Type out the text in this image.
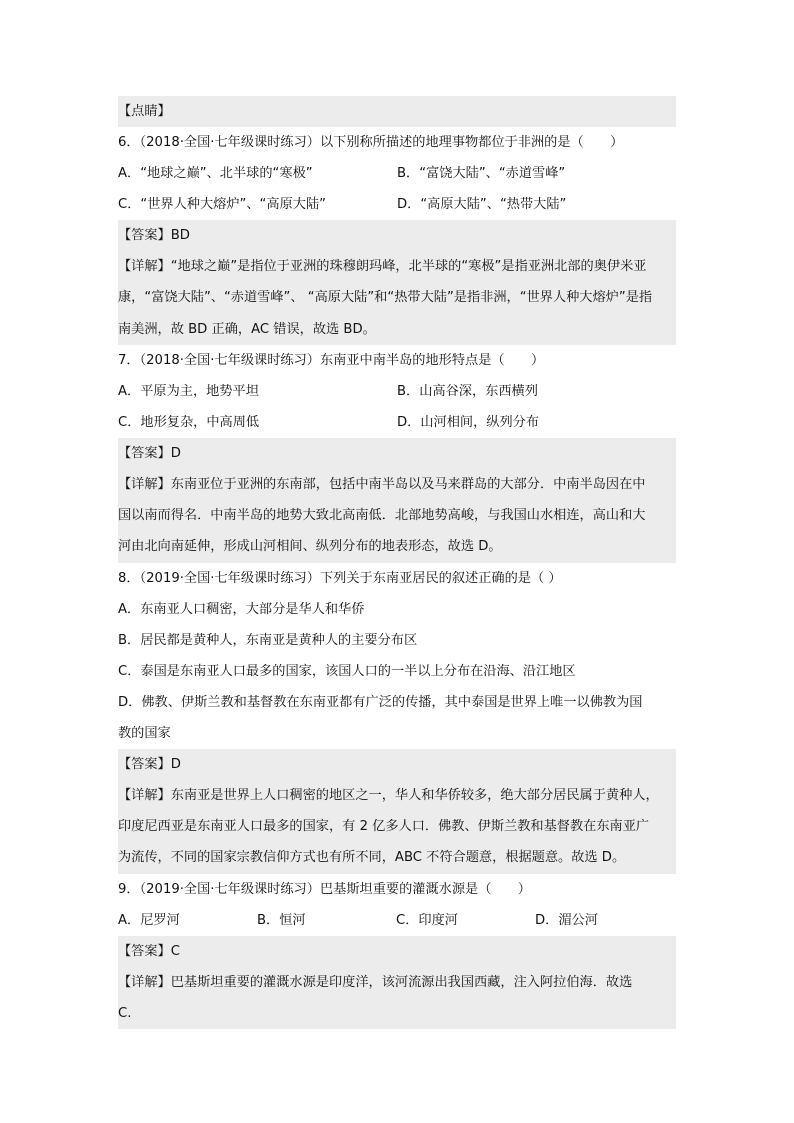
【点睛】
6．（2018·全国·七年级课时练习）以下别称所描述的地理事物都位于非洲的是（　　）
A．“地球之巅”、北半球的“寒极”	B．“富饶大陆”、“赤道雪峰”
C．“世界人种大熔炉”、“高原大陆”	D．“高原大陆”、“热带大陆”
【答案】BD
【详解】“地球之巅”是指位于亚洲的珠穆朗玛峰，北半球的“寒极”是指亚洲北部的奥伊米亚
康，“富饶大陆”、“赤道雪峰”、 “高原大陆”和“热带大陆”是指非洲，“世界人种大熔炉”是指
南美洲，故 BD 正确，AC 错误，故选 BD。
7．（2018·全国·七年级课时练习）东南亚中南半岛的地形特点是（　　）
A．平原为主，地势平坦	B．山高谷深，东西横列
C．地形复杂，中高周低	D．山河相间，纵列分布
【答案】D
【详解】东南亚位于亚洲的东南部，包括中南半岛以及马来群岛的大部分．中南半岛因在中
国以南而得名．中南半岛的地势大致北高南低．北部地势高峻，与我国山水相连，高山和大
河由北向南延伸，形成山河相间、纵列分布的地表形态，故选 D。
8．（2019·全国·七年级课时练习）下列关于东南亚居民的叙述正确的是（ ）
A．东南亚人口稠密，大部分是华人和华侨
B．居民都是黄种人，东南亚是黄种人的主要分布区
C．泰国是东南亚人口最多的国家，该国人口的一半以上分布在沿海、沿江地区
D．佛教、伊斯兰教和基督教在东南亚都有广泛的传播，其中泰国是世界上唯一以佛教为国
教的国家
【答案】D
【详解】东南亚是世界上人口稠密的地区之一，华人和华侨较多，绝大部分居民属于黄种人，
印度尼西亚是东南亚人口最多的国家，有 2 亿多人口．佛教、伊斯兰教和基督教在东南亚广
为流传，不同的国家宗教信仰方式也有所不同，ABC 不符合题意，根据题意。故选 D。
9．（2019·全国·七年级课时练习）巴基斯坦重要的灌溉水源是（　　）
A．尼罗河	B．恒河	C．印度河	D．湄公河
【答案】C
【详解】巴基斯坦重要的灌溉水源是印度洋，该河流源出我国西藏，注入阿拉伯海．故选
C.
